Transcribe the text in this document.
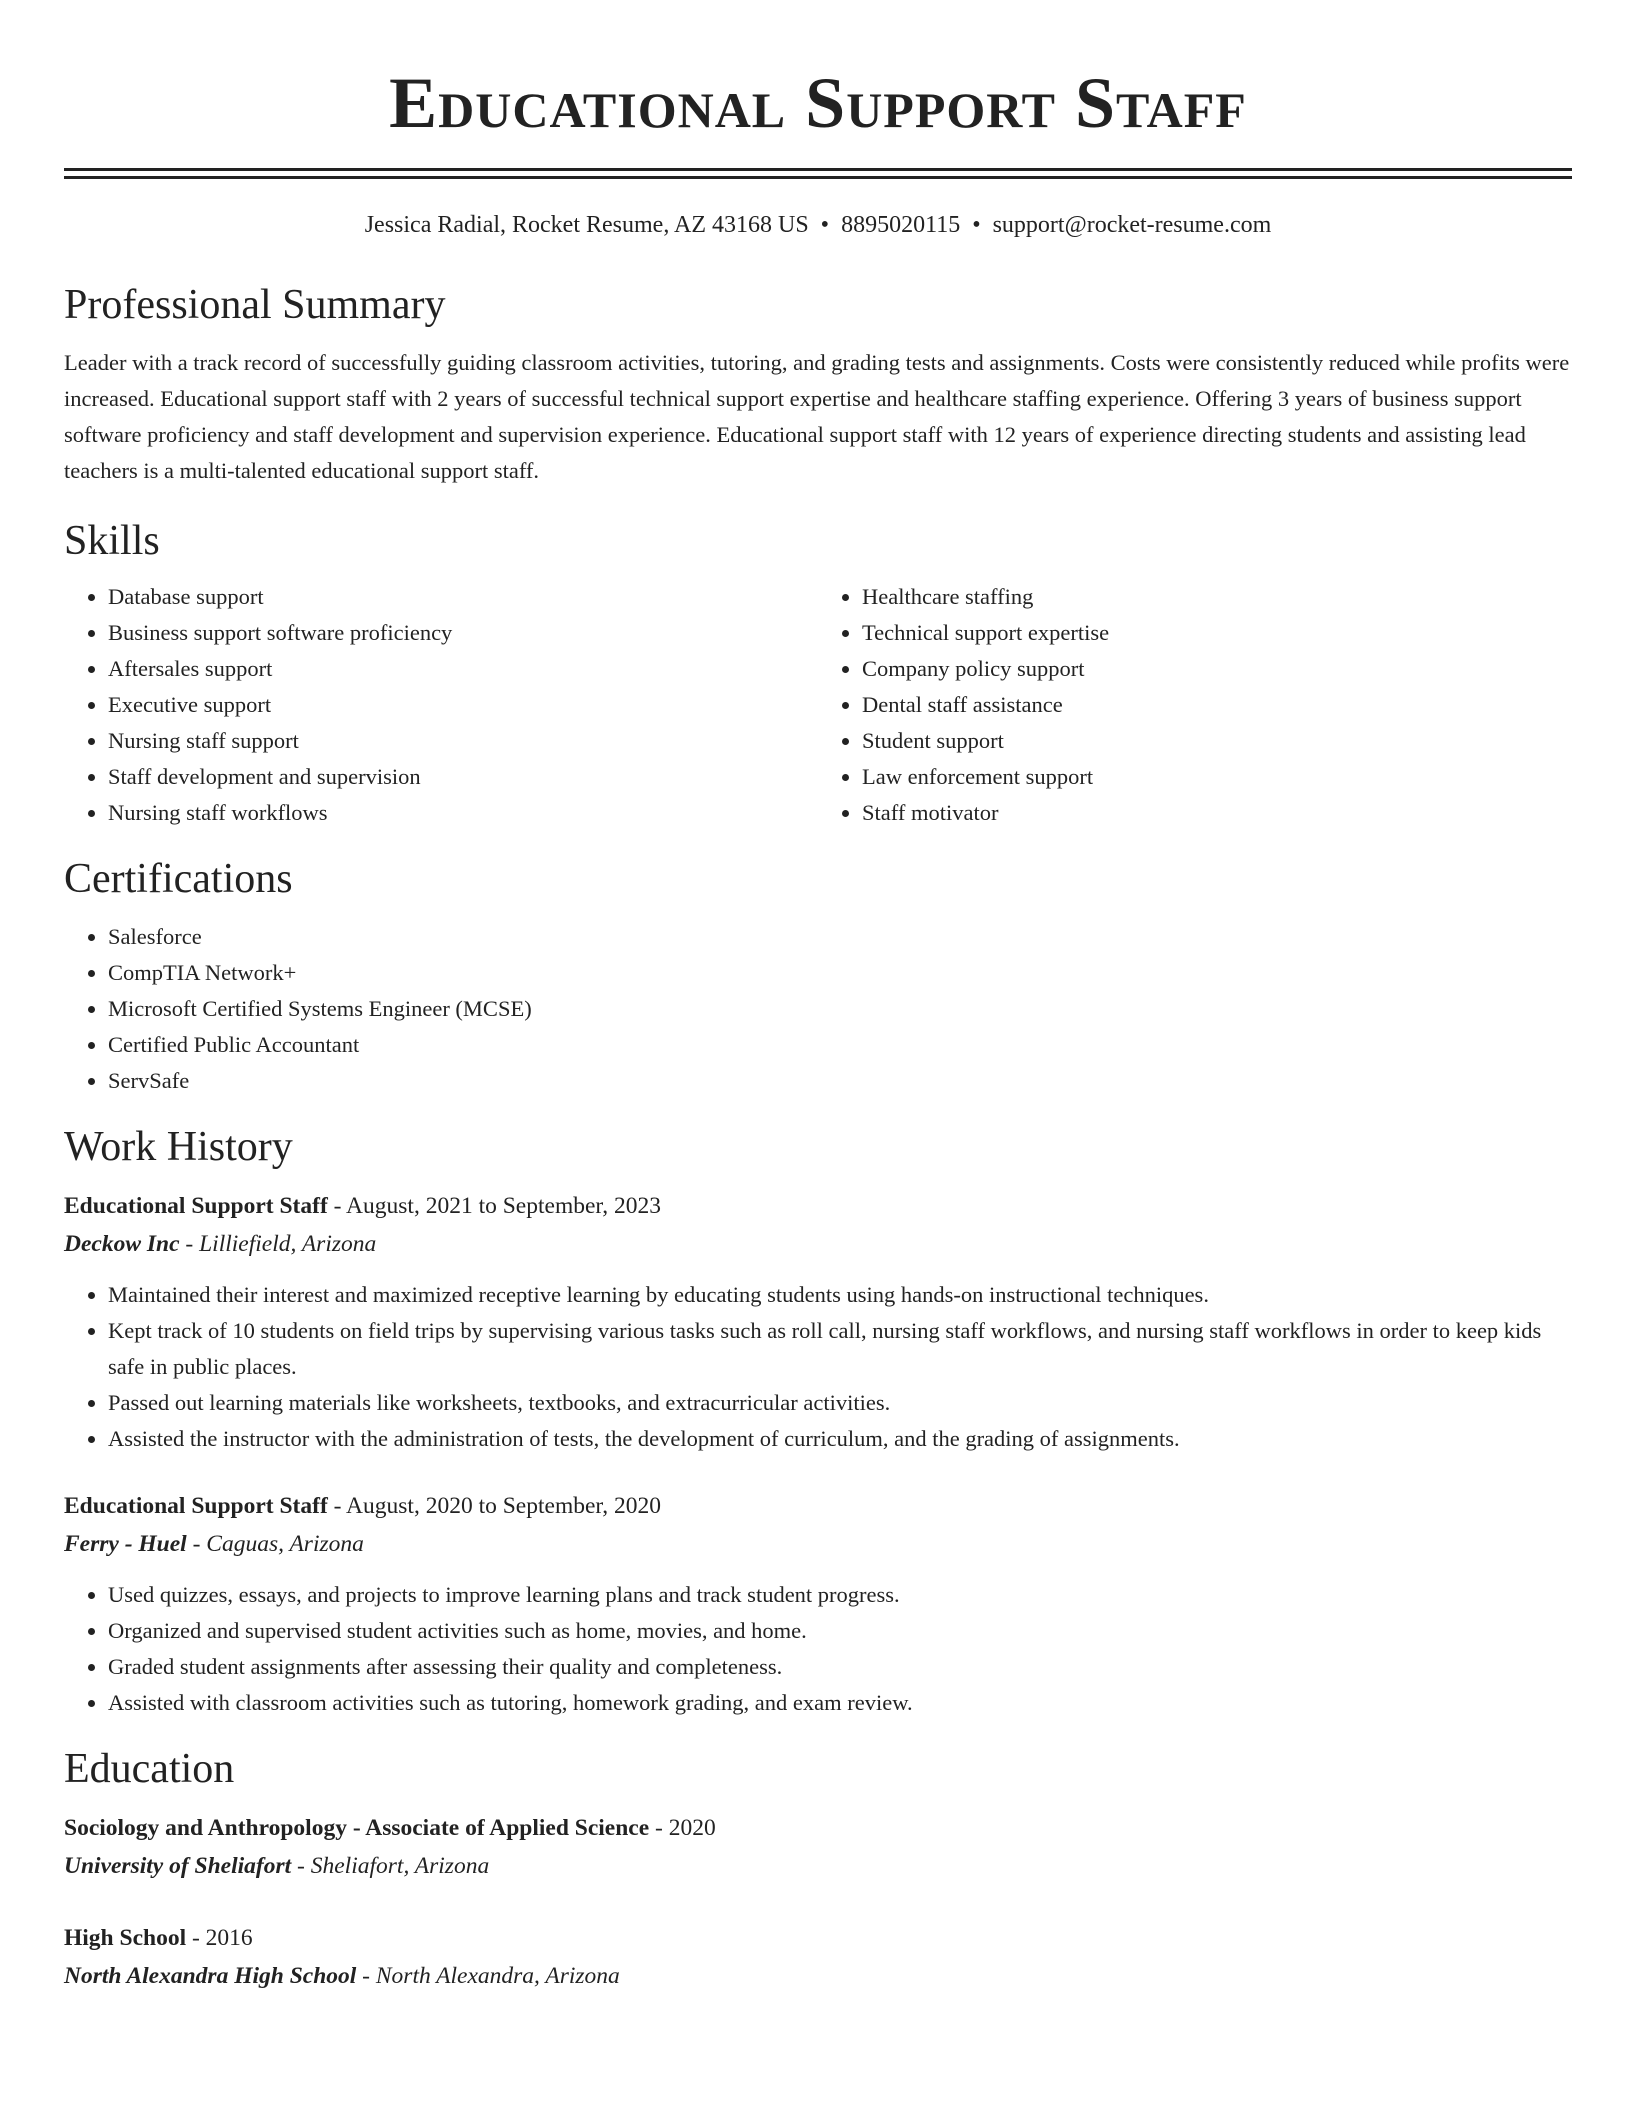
Educational Support Staff
Jessica Radial, Rocket Resume, AZ 43168 US • 8895020115 • support@rocket-resume.com
Professional Summary

Leader with a track record of successfully guiding classroom activities, tutoring, and grading tests and assignments. Costs were consistently reduced while profits were increased. Educational support staff with 2 years of successful technical support expertise and healthcare staffing experience. Offering 3 years of business support software proficiency and staff development and supervision experience. Educational support staff with 12 years of experience directing students and assisting lead teachers is a multi-talented educational support staff.

Skills
• Database support
• Business support software proficiency
• Aftersales support
• Executive support
• Nursing staff support
• Staff development and supervision
• Nursing staff workflows
• Healthcare staffing
• Technical support expertise
• Company policy support
• Dental staff assistance
• Student support
• Law enforcement support
• Staff motivator
Certifications
• Salesforce
• CompTIA Network+
• Microsoft Certified Systems Engineer (MCSE)
• Certified Public Accountant
• ServSafe
Work History
Educational Support Staff - August, 2021 to September, 2023
Deckow Inc - Lilliefield, Arizona
• Maintained their interest and maximized receptive learning by educating students using hands-on instructional techniques.
• Kept track of 10 students on field trips by supervising various tasks such as roll call, nursing staff workflows, and nursing staff workflows in order to keep kids safe in public places.
• Passed out learning materials like worksheets, textbooks, and extracurricular activities.
• Assisted the instructor with the administration of tests, the development of curriculum, and the grading of assignments.
Educational Support Staff - August, 2020 to September, 2020
Ferry - Huel - Caguas, Arizona
• Used quizzes, essays, and projects to improve learning plans and track student progress.
• Organized and supervised student activities such as home, movies, and home.
• Graded student assignments after assessing their quality and completeness.
• Assisted with classroom activities such as tutoring, homework grading, and exam review.
Education
Sociology and Anthropology - Associate of Applied Science - 2020
University of Sheliafort - Sheliafort, Arizona
High School - 2016
North Alexandra High School - North Alexandra, Arizona
